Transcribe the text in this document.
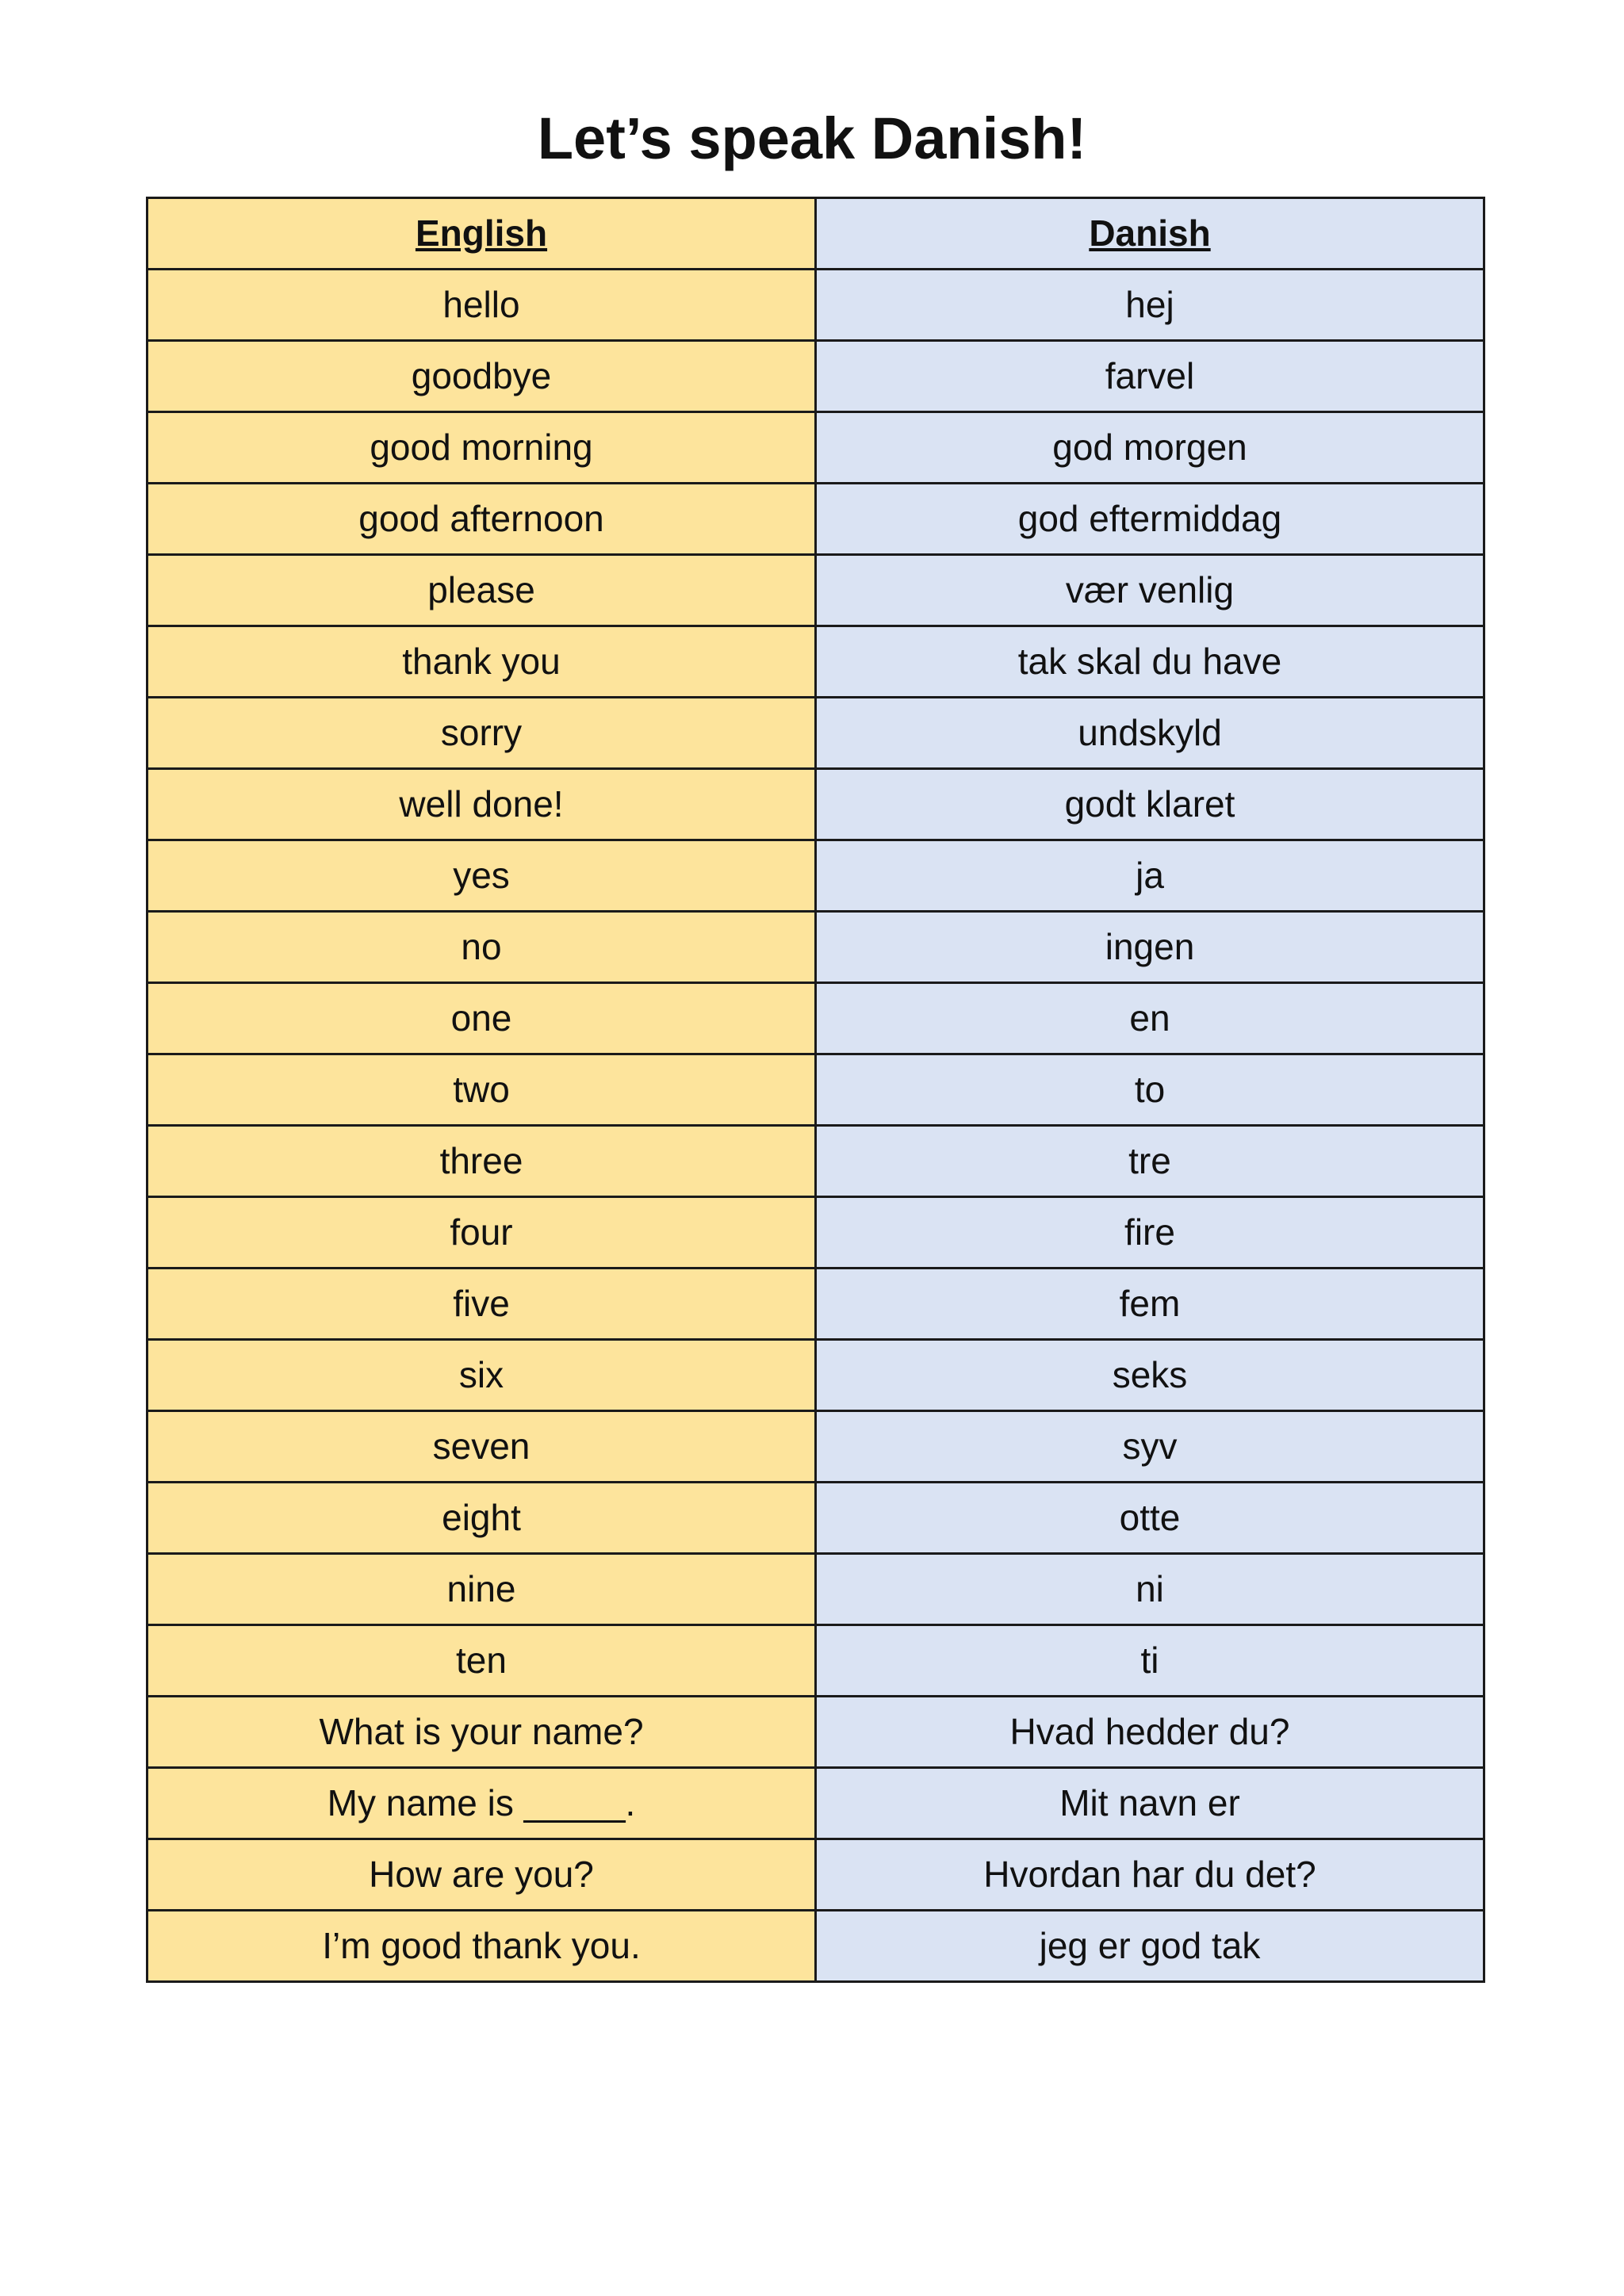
Let’s speak Danish!
English	Danish
hello	hej
goodbye	farvel
good morning	god morgen
good afternoon	god eftermiddag
please	vær venlig
thank you	tak skal du have
sorry	undskyld
well done!	godt klaret
yes	ja
no	ingen
one	en
two	to
three	tre
four	fire
five	fem
six	seks
seven	syv
eight	otte
nine	ni
ten	ti
What is your name?	Hvad hedder du?
My name is _____.	Mit navn er
How are you?	Hvordan har du det?
I’m good thank you.	jeg er god tak
